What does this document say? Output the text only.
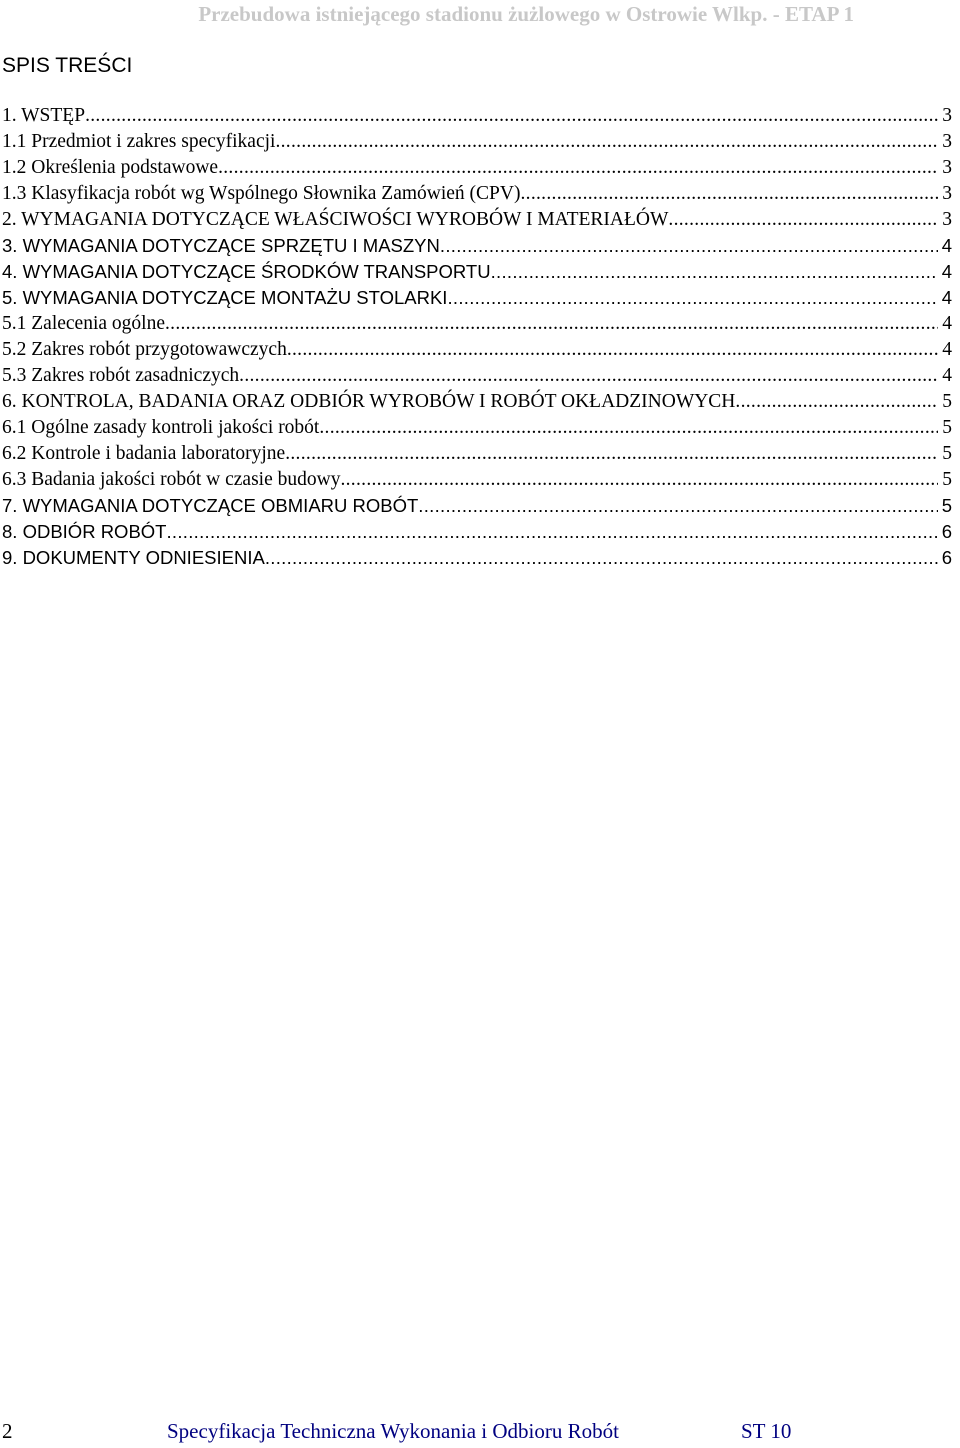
Przebudowa istniejącego stadionu żużlowego w Ostrowie Wlkp. - ETAP 1
SPIS TREŚCI
1. WSTĘP .....	3
1.1 Przedmiot i zakres specyfikacji .....	3
1.2 Określenia podstawowe .....	3
1.3 Klasyfikacja robót wg Wspólnego Słownika Zamówień (CPV) .....	3
2. WYMAGANIA DOTYCZĄCE WŁAŚCIWOŚCI WYROBÓW I MATERIAŁÓW .....	3
3. WYMAGANIA DOTYCZĄCE SPRZĘTU I MASZYN .....	4
4. WYMAGANIA DOTYCZĄCE ŚRODKÓW TRANSPORTU .....	4
5. WYMAGANIA DOTYCZĄCE MONTAŻU STOLARKI .....	4
5.1 Zalecenia ogólne .....	4
5.2 Zakres robót przygotowawczych .....	4
5.3 Zakres robót zasadniczych .....	4
6. KONTROLA, BADANIA ORAZ ODBIÓR WYROBÓW I ROBÓT OKŁADZINOWYCH .....	5
6.1 Ogólne zasady kontroli jakości robót .....	5
6.2 Kontrole i badania laboratoryjne .....	5
6.3 Badania jakości robót w czasie budowy .....	5
7. WYMAGANIA DOTYCZĄCE OBMIARU ROBÓT .....	5
8. ODBIÓR ROBÓT .....	6
9. DOKUMENTY ODNIESIENIA .....	6
2	Specyfikacja Techniczna Wykonania i Odbioru Robót	ST 10
